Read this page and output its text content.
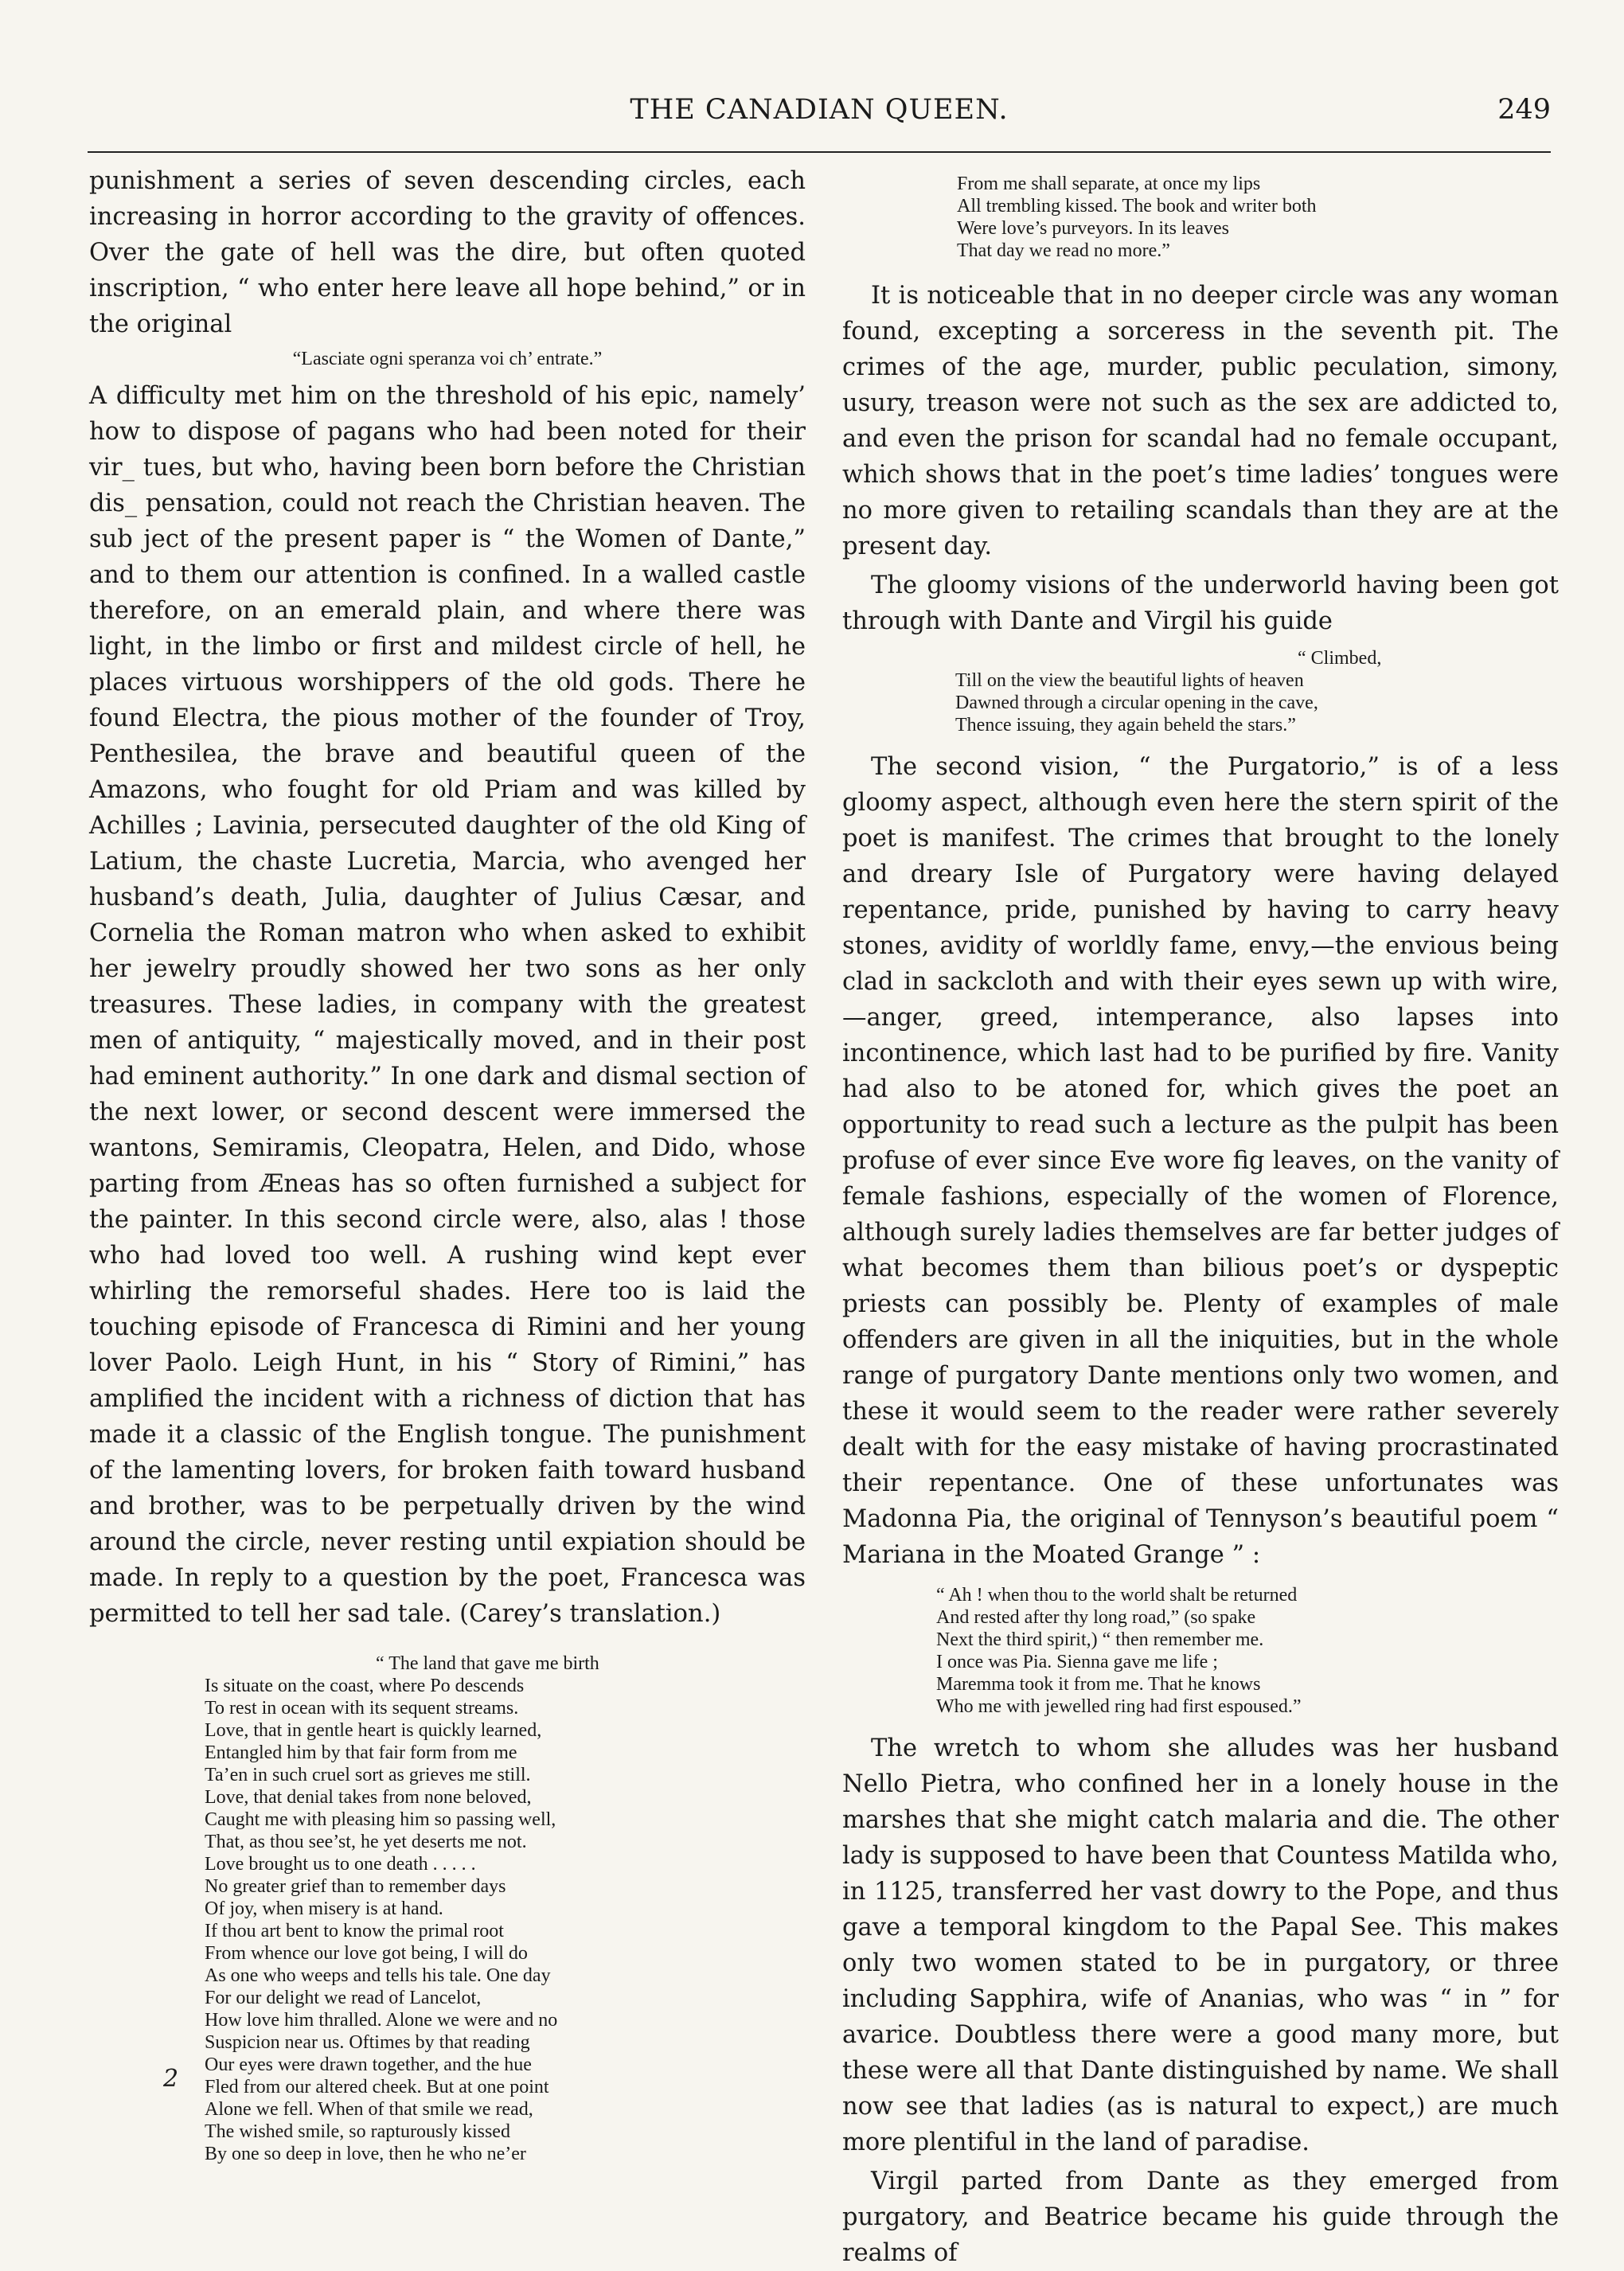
THE CANADIAN QUEEN.	249

punishment a series of seven descending circles, each increasing in horror according to the gravity of offences. Over the gate of hell was the dire, but often quoted inscription, “ who enter here leave all hope behind,” or in the original

“Lasciate ogni speranza voi ch’ entrate.”

A difficulty met him on the threshold of his epic, namely’ how to dispose of pagans who had been noted for their vir_ tues, but who, having been born before the Christian dis_ pensation, could not reach the Christian heaven. The sub ject of the present paper is “ the Women of Dante,” and to them our attention is confined. In a walled castle therefore, on an emerald plain, and where there was light, in the limbo or first and mildest circle of hell, he places virtuous worshippers of the old gods. There he found Electra, the pious mother of the founder of Troy, Penthesilea, the brave and beautiful queen of the Amazons, who fought for old Priam and was killed by Achilles ; Lavinia, persecuted daughter of the old King of Latium, the chaste Lucretia, Marcia, who avenged her husband’s death, Julia, daughter of Julius Cæsar, and Cornelia the Roman matron who when asked to exhibit her jewelry proudly showed her two sons as her only treasures. These ladies, in company with the greatest men of antiquity, “ majestically moved, and in their post had eminent authority.” In one dark and dismal section of the next lower, or second descent were immersed the wantons, Semiramis, Cleopatra, Helen, and Dido, whose parting from Æneas has so often furnished a subject for the painter. In this second circle were, also, alas ! those who had loved too well. A rushing wind kept ever whirling the remorseful shades. Here too is laid the touching episode of Francesca di Rimini and her young lover Paolo. Leigh Hunt, in his “ Story of Rimini,” has amplified the incident with a richness of diction that has made it a classic of the English tongue. The punishment of the lamenting lovers, for broken faith toward husband and brother, was to be perpetually driven by the wind around the circle, never resting until expiation should be made. In reply to a question by the poet, Francesca was permitted to tell her sad tale. (Carey’s translation.)

“ The land that gave me birth
Is situate on the coast, where Po descends
To rest in ocean with its sequent streams.
Love, that in gentle heart is quickly learned,
Entangled him by that fair form from me
Ta’en in such cruel sort as grieves me still.
Love, that denial takes from none beloved,
Caught me with pleasing him so passing well,
That, as thou see’st, he yet deserts me not.
Love brought us to one death . . . . .
No greater grief than to remember days
Of joy, when misery is at hand.
If thou art bent to know the primal root
From whence our love got being, I will do
As one who weeps and tells his tale. One day
For our delight we read of Lancelot,
How love him thralled. Alone we were and no
Suspicion near us. Oftimes by that reading
Our eyes were drawn together, and the hue
Fled from our altered cheek. But at one point
Alone we fell. When of that smile we read,
The wished smile, so rapturously kissed
By one so deep in love, then he who ne’er
From me shall separate, at once my lips
All trembling kissed. The book and writer both
Were love’s purveyors. In its leaves
That day we read no more.”

It is noticeable that in no deeper circle was any woman found, excepting a sorceress in the seventh pit. The crimes of the age, murder, public peculation, simony, usury, treason were not such as the sex are addicted to, and even the prison for scandal had no female occupant, which shows that in the poet’s time ladies’ tongues were no more given to retailing scandals than they are at the present day.

The gloomy visions of the underworld having been got through with Dante and Virgil his guide

“ Climbed,
Till on the view the beautiful lights of heaven
Dawned through a circular opening in the cave,
Thence issuing, they again beheld the stars.”

The second vision, “ the Purgatorio,” is of a less gloomy aspect, although even here the stern spirit of the poet is manifest. The crimes that brought to the lonely and dreary Isle of Purgatory were having delayed repentance, pride, punished by having to carry heavy stones, avidity of worldly fame, envy,—the envious being clad in sackcloth and with their eyes sewn up with wire,—anger, greed, intemperance, also lapses into incontinence, which last had to be purified by fire. Vanity had also to be atoned for, which gives the poet an opportunity to read such a lecture as the pulpit has been profuse of ever since Eve wore fig leaves, on the vanity of female fashions, especially of the women of Florence, although surely ladies themselves are far better judges of what becomes them than bilious poet’s or dyspeptic priests can possibly be. Plenty of examples of male offenders are given in all the iniquities, but in the whole range of purgatory Dante mentions only two women, and these it would seem to the reader were rather severely dealt with for the easy mistake of having procrastinated their repentance. One of these unfortunates was Madonna Pia, the original of Tennyson’s beautiful poem “ Mariana in the Moated Grange ” :

“ Ah ! when thou to the world shalt be returned
And rested after thy long road,” (so spake
Next the third spirit,) “ then remember me.
I once was Pia. Sienna gave me life ;
Maremma took it from me. That he knows
Who me with jewelled ring had first espoused.”

The wretch to whom she alludes was her husband Nello Pietra, who confined her in a lonely house in the marshes that she might catch malaria and die. The other lady is supposed to have been that Countess Matilda who, in 1125, transferred her vast dowry to the Pope, and thus gave a temporal kingdom to the Papal See. This makes only two women stated to be in purgatory, or three including Sapphira, wife of Ananias, who was “ in ” for avarice. Doubtless there were a good many more, but these were all that Dante distinguished by name. We shall now see that ladies (as is natural to expect,) are much more plentiful in the land of paradise.

Virgil parted from Dante as they emerged from purgatory, and Beatrice became his guide through the realms of

2
